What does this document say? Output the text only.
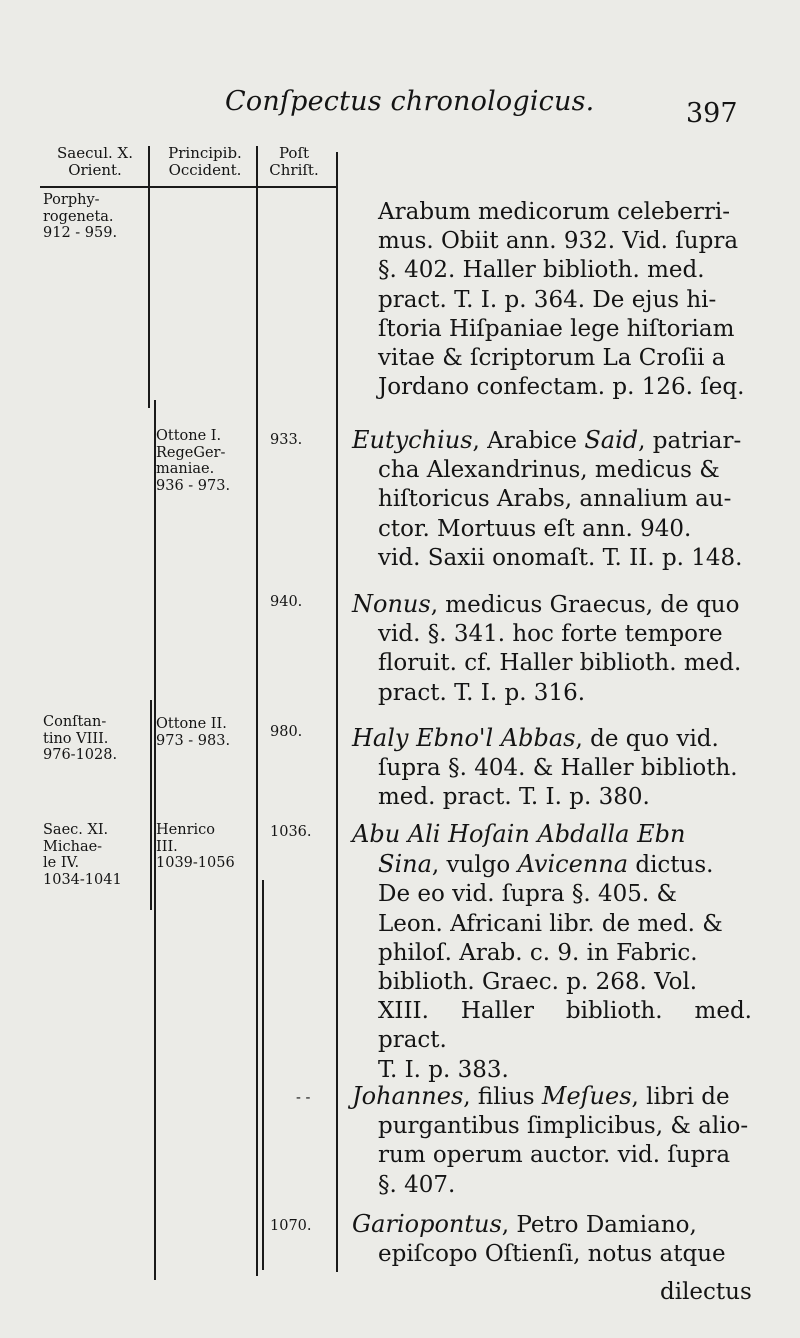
Conſpectus chronologicus.	397
Saecul. X.
Orient.
Principib.
Occident.
Poſt
Chriſt.
Porphy-
rogeneta.
912 - 959.
Conſtan-
tino VIII.
976-1028.
Saec. XI.
Michae-
le IV.
1034-1041
Ottone I.
RegeGer-
maniae.
936 - 973.
Ottone II.
973 - 983.
Henrico
III.
1039-1056
933.
940.
980.
1036.
- -
1070.

Arabum medicorum celeberri-

mus. Obiit ann. 932. Vid. ſupra

§. 402. Haller biblioth. med.

pract. T. I. p. 364. De ejus hi-

ſtoria Hiſpaniae lege hiſtoriam

vitae & ſcriptorum La Croſii a

Jordano confectam. p. 126. ſeq.

Eutychius, Arabice Said, patriar-

cha Alexandrinus, medicus &

hiſtoricus Arabs, annalium au-

ctor. Mortuus eſt ann. 940.

vid. Saxii onomaſt. T. II. p. 148.

Nonus, medicus Graecus, de quo

vid. §. 341. hoc forte tempore

floruit. cf. Haller biblioth. med.

pract. T. I. p. 316.

Haly Ebno'l Abbas, de quo vid.

ſupra §. 404. & Haller biblioth.

med. pract. T. I. p. 380.

Abu Ali Hoſain Abdalla Ebn

Sina, vulgo Avicenna dictus.

De eo vid. ſupra §. 405. &

Leon. Africani libr. de med. &

philoſ. Arab. c. 9. in Fabric.

biblioth. Graec. p. 268. Vol.

XIII. Haller biblioth. med. pract.

T. I. p. 383.

Johannes, filius Meſues, libri de

purgantibus ſimplicibus, & alio-

rum operum auctor. vid. ſupra

§. 407.

Gariopontus, Petro Damiano,

epiſcopo Oſtienſi, notus atque

dilectus
